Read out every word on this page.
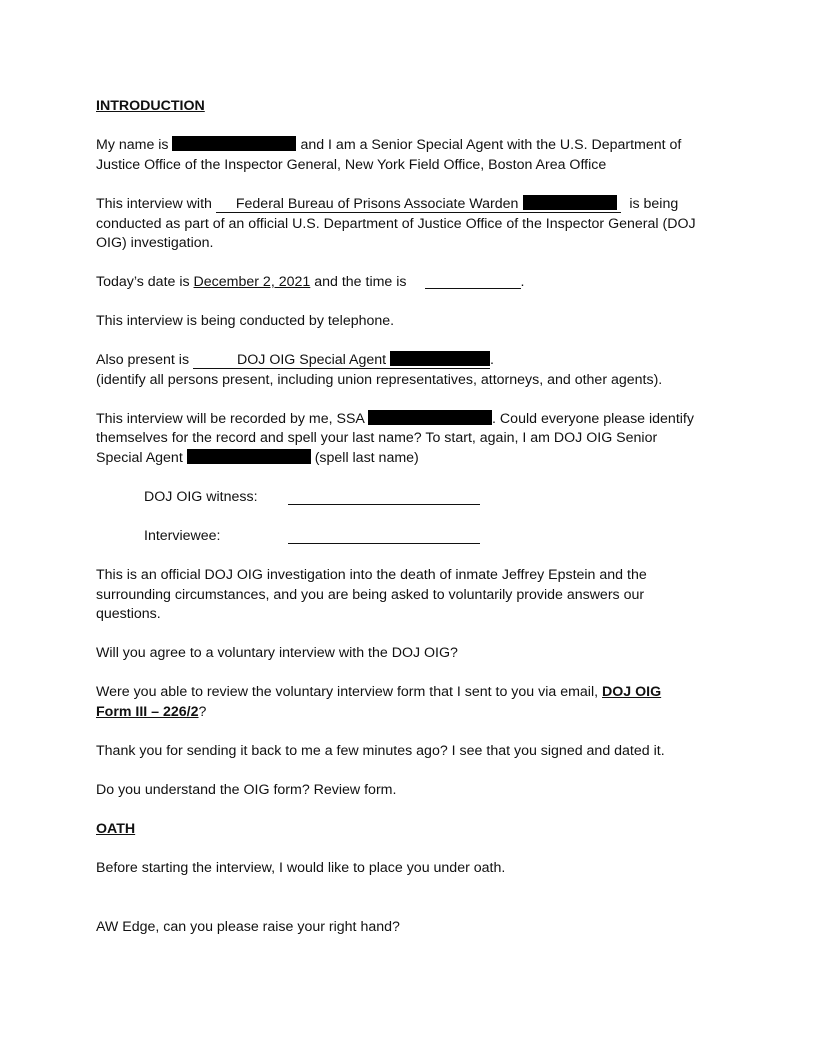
INTRODUCTION
My name is	and I am a Senior Special Agent with the U.S. Department of
Justice Office of the Inspector General, New York Field Office, Boston Area Office
This interview with Federal Bureau of Prisons Associate Warden	is being
conducted as part of an official U.S. Department of Justice Office of the Inspector General (DOJ
OIG) investigation.
Today’s date is December 2, 2021 and the time is	.
This interview is being conducted by telephone.
Also present is	DOJ OIG Special Agent	.
(identify all persons present, including union representatives, attorneys, and other agents).
This interview will be recorded by me, SSA	. Could everyone please identify
themselves for the record and spell your last name? To start, again, I am DOJ OIG Senior
Special Agent	(spell last name)
DOJ OIG witness:
Interviewee:
This is an official DOJ OIG investigation into the death of inmate Jeffrey Epstein and the
surrounding circumstances, and you are being asked to voluntarily provide answers our
questions.
Will you agree to a voluntary interview with the DOJ OIG?
Were you able to review the voluntary interview form that I sent to you via email, DOJ OIG
Form III – 226/2?
Thank you for sending it back to me a few minutes ago? I see that you signed and dated it.
Do you understand the OIG form? Review form.
OATH
Before starting the interview, I would like to place you under oath.
AW Edge, can you please raise your right hand?
